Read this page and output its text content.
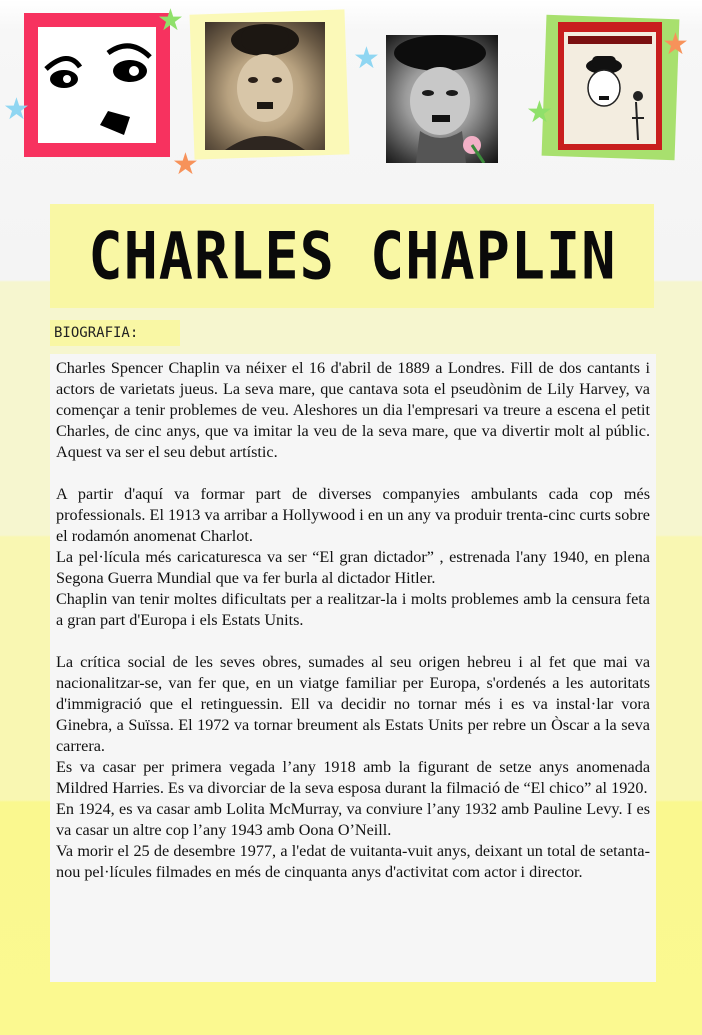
★
★
★
★
★
★
CHARLES CHAPLIN
BIOGRAFIA:

Charles Spencer Chaplin va néixer el 16 d'abril de 1889 a Londres. Fill de dos cantants i actors de varietats jueus. La seva mare, que cantava sota el pseudònim de Lily Harvey, va començar a tenir problemes de veu. Aleshores un dia l'empresari va treure a escena el petit Charles, de cinc anys, que va imitar la veu de la seva mare, que va divertir molt al públic. Aquest va ser el seu debut artístic.

A partir d'aquí va formar part de diverses companyies ambulants cada cop més professionals. El 1913 va arribar a Hollywood i en un any va produir trenta-cinc curts sobre el rodamón anomenat Charlot.
La pel·lícula més caricaturesca va ser “El gran dictador” , estrenada l'any 1940, en plena Segona Guerra Mundial que va fer burla al dictador Hitler.
Chaplin van tenir moltes dificultats per a realitzar-la i molts problemes amb la censura feta a gran part d'Europa i els Estats Units.

La crítica social de les seves obres, sumades al seu origen hebreu i al fet que mai va nacionalitzar-se, van fer que, en un viatge familiar per Europa, s'ordenés a les autoritats d'immigració que el retinguessin. Ell va decidir no tornar més i es va instal·lar vora Ginebra, a Suïssa. El 1972 va tornar breument als Estats Units per rebre un Òscar a la seva carrera.
Es va casar per primera vegada l’any 1918 amb la figurant de setze anys anomenada Mildred Harries. Es va divorciar de la seva esposa durant la filmació de “El chico” al 1920.
En 1924, es va casar amb Lolita McMurray, va conviure l’any 1932 amb Pauline Levy. I es va casar un altre cop l’any 1943 amb Oona O’Neill.
Va morir el 25 de desembre 1977, a l'edat de vuitanta-vuit anys, deixant un total de setanta-nou pel·lícules filmades en més de cinquanta anys d'activitat com actor i director.
